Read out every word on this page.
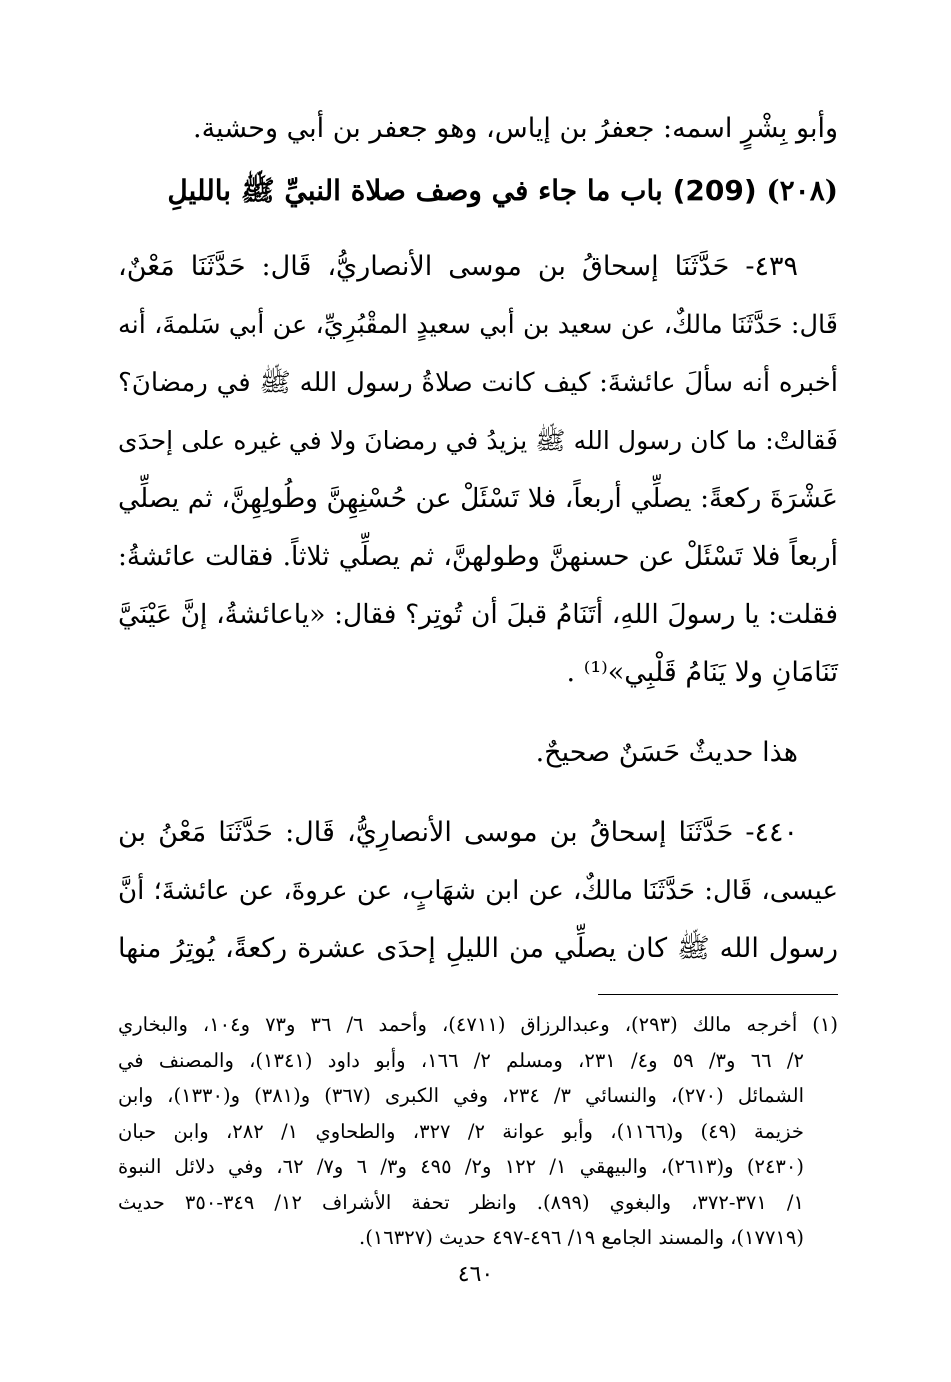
وأبو بِشْرٍ اسمه: جعفرُ بن إياس، وهو جعفر بن أبي وحشية.
(٢٠٨) (209) باب ما جاء في وصف صلاة النبيِّ ﷺ بالليلِ
٤٣٩- حَدَّثَنَا إسحاقُ بن موسى الأنصاريُّ، قَال: حَدَّثَنَا مَعْنٌ،
قَال: حَدَّثَنَا مالكٌ، عن سعيد بن أبي سعيدٍ المقْبُرِيِّ، عن أبي سَلمةَ، أنه
أخبره أنه سألَ عائشةَ: كيف كانت صلاةُ رسول الله ﷺ في رمضانَ؟
فَقالتْ: ما كان رسول الله ﷺ يزيدُ في رمضانَ ولا في غيره على إحدَى
عَشْرَةَ ركعةً: يصلِّي أربعاً، فلا تَسْئَلْ عن حُسْنِهِنَّ وطُولِهِنَّ، ثم يصلِّي
أربعاً فلا تَسْئَلْ عن حسنهنَّ وطولهنَّ، ثم يصلِّي ثلاثاً. فقالت عائشةُ:
فقلت: يا رسولَ اللهِ، أتَنَامُ قبلَ أن تُوتِر؟ فقال: «ياعائشةُ، إنَّ عَيْنَيَّ
تَنَامَانِ ولا يَنَامُ قَلْبِي»⁽¹⁾ .
هذا حديثٌ حَسَنٌ صحيحٌ.
٤٤٠- حَدَّثَنَا إسحاقُ بن موسى الأنصارِيُّ، قَال: حَدَّثَنَا مَعْنُ بن
عيسى، قَال: حَدَّثَنَا مالكٌ، عن ابن شهَابٍ، عن عروةَ، عن عائشةَ؛ أنَّ
رسول الله ﷺ كان يصلِّي من الليلِ إحدَى عشرة ركعةً، يُوتِرُ منها
(١) أخرجه مالك (٢٩٣)، وعبدالرزاق (٤٧١١)، وأحمد ٦/ ٣٦ و٧٣ و١٠٤، والبخاري
٢/ ٦٦ و٣/ ٥٩ و٤/ ٢٣١، ومسلم ٢/ ١٦٦، وأبو داود (١٣٤١)، والمصنف في
الشمائل (٢٧٠)، والنسائي ٣/ ٢٣٤، وفي الكبرى (٣٦٧) و(٣٨١) و(١٣٣٠)، وابن
خزيمة (٤٩) و(١١٦٦)، وأبو عوانة ٢/ ٣٢٧، والطحاوي ١/ ٢٨٢، وابن حبان
(٢٤٣٠) و(٢٦١٣)، والبيهقي ١/ ١٢٢ و٢/ ٤٩٥ و٣/ ٦ و٧/ ٦٢، وفي دلائل النبوة
١/ ٣٧١-٣٧٢، والبغوي (٨٩٩). وانظر تحفة الأشراف ١٢/ ٣٤٩-٣٥٠ حديث
(١٧٧١٩)، والمسند الجامع ١٩/ ٤٩٦-٤٩٧ حديث (١٦٣٢٧).
٤٦٠
